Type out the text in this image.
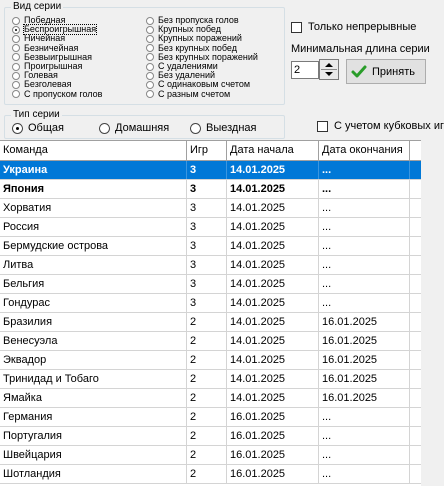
Вид серии
Победная
Беспроигрышная
Ничейная
Безничейная
Безвыигрышная
Проигрышная
Голевая
Безголевая
С пропуском голов
Без пропуска голов
Крупных побед
Крупных поражений
Без крупных побед
Без крупных поражений
С удалениями
Без удалений
С одинаковым счетом
С разным счетом
Только непрерывные
Минимальная длина серии
2	Принять
Тип серии
Общая	Домашняя	Выездная	С учетом кубковых иг
Команда	Игр	Дата начала	Дата окончания
Украина	3	14.01.2025	...
Япония	3	14.01.2025	...
Хорватия	3	14.01.2025	...
Россия	3	14.01.2025	...
Бермудские острова	3	14.01.2025	...
Литва	3	14.01.2025	...
Бельгия	3	14.01.2025	...
Гондурас	3	14.01.2025	...
Бразилия	2	14.01.2025	16.01.2025
Венесуэла	2	14.01.2025	16.01.2025
Эквадор	2	14.01.2025	16.01.2025
Тринидад и Тобаго	2	14.01.2025	16.01.2025
Ямайка	2	14.01.2025	16.01.2025
Германия	2	16.01.2025	...
Португалия	2	16.01.2025	...
Швейцария	2	16.01.2025	...
Шотландия	2	16.01.2025	...
